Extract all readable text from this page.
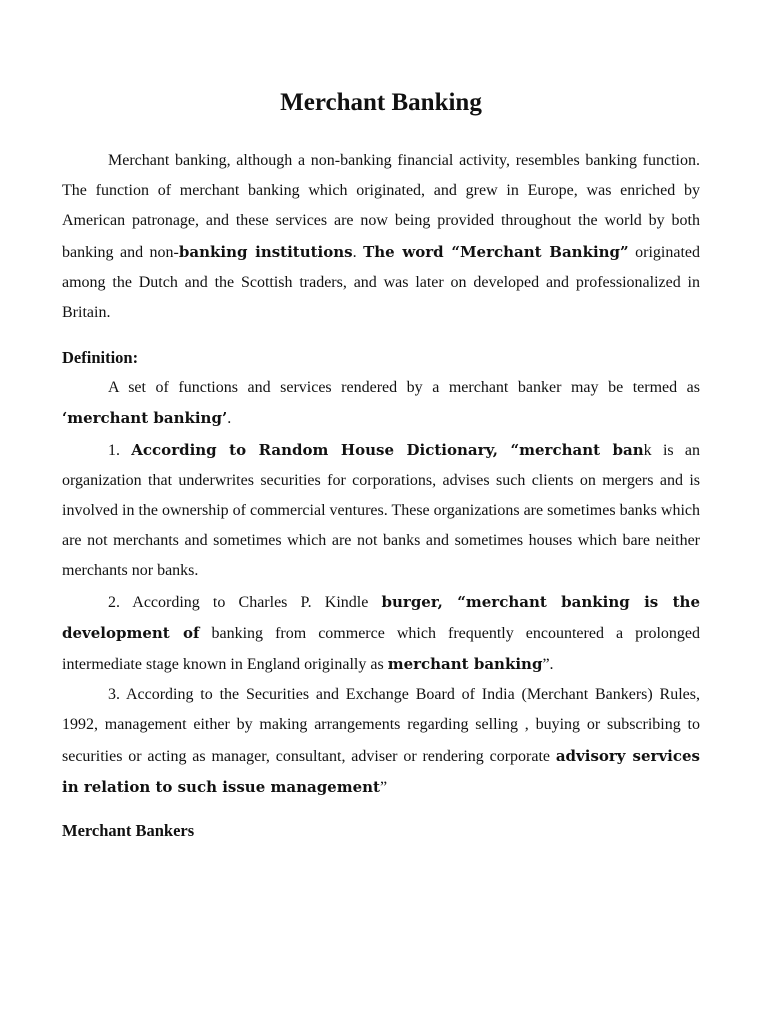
Merchant Banking

Merchant banking, although a non-banking financial activity, resembles banking function. The function of merchant banking which originated, and grew in Europe, was enriched by American patronage, and these services are now being provided throughout the world by both banking and non-banking institutions. The word “Merchant Banking” originated among the Dutch and the Scottish traders, and was later on developed and professionalized in Britain.

Definition:

A set of functions and services rendered by a merchant banker may be termed as ‘merchant banking’.

1. According to Random House Dictionary, “merchant bank is an organization that underwrites securities for corporations, advises such clients on mergers and is involved in the ownership of commercial ventures. These organizations are sometimes banks which are not merchants and sometimes which are not banks and sometimes houses which bare neither merchants nor banks.

2. According to Charles P. Kindle burger, “merchant banking is the development of banking from commerce which frequently encountered a prolonged intermediate stage known in England originally as merchant banking”.

3. According to the Securities and Exchange Board of India (Merchant Bankers) Rules, 1992, management either by making arrangements regarding selling , buying or subscribing to securities or acting as manager, consultant, adviser or rendering corporate advisory services in relation to such issue management”

Merchant Bankers
